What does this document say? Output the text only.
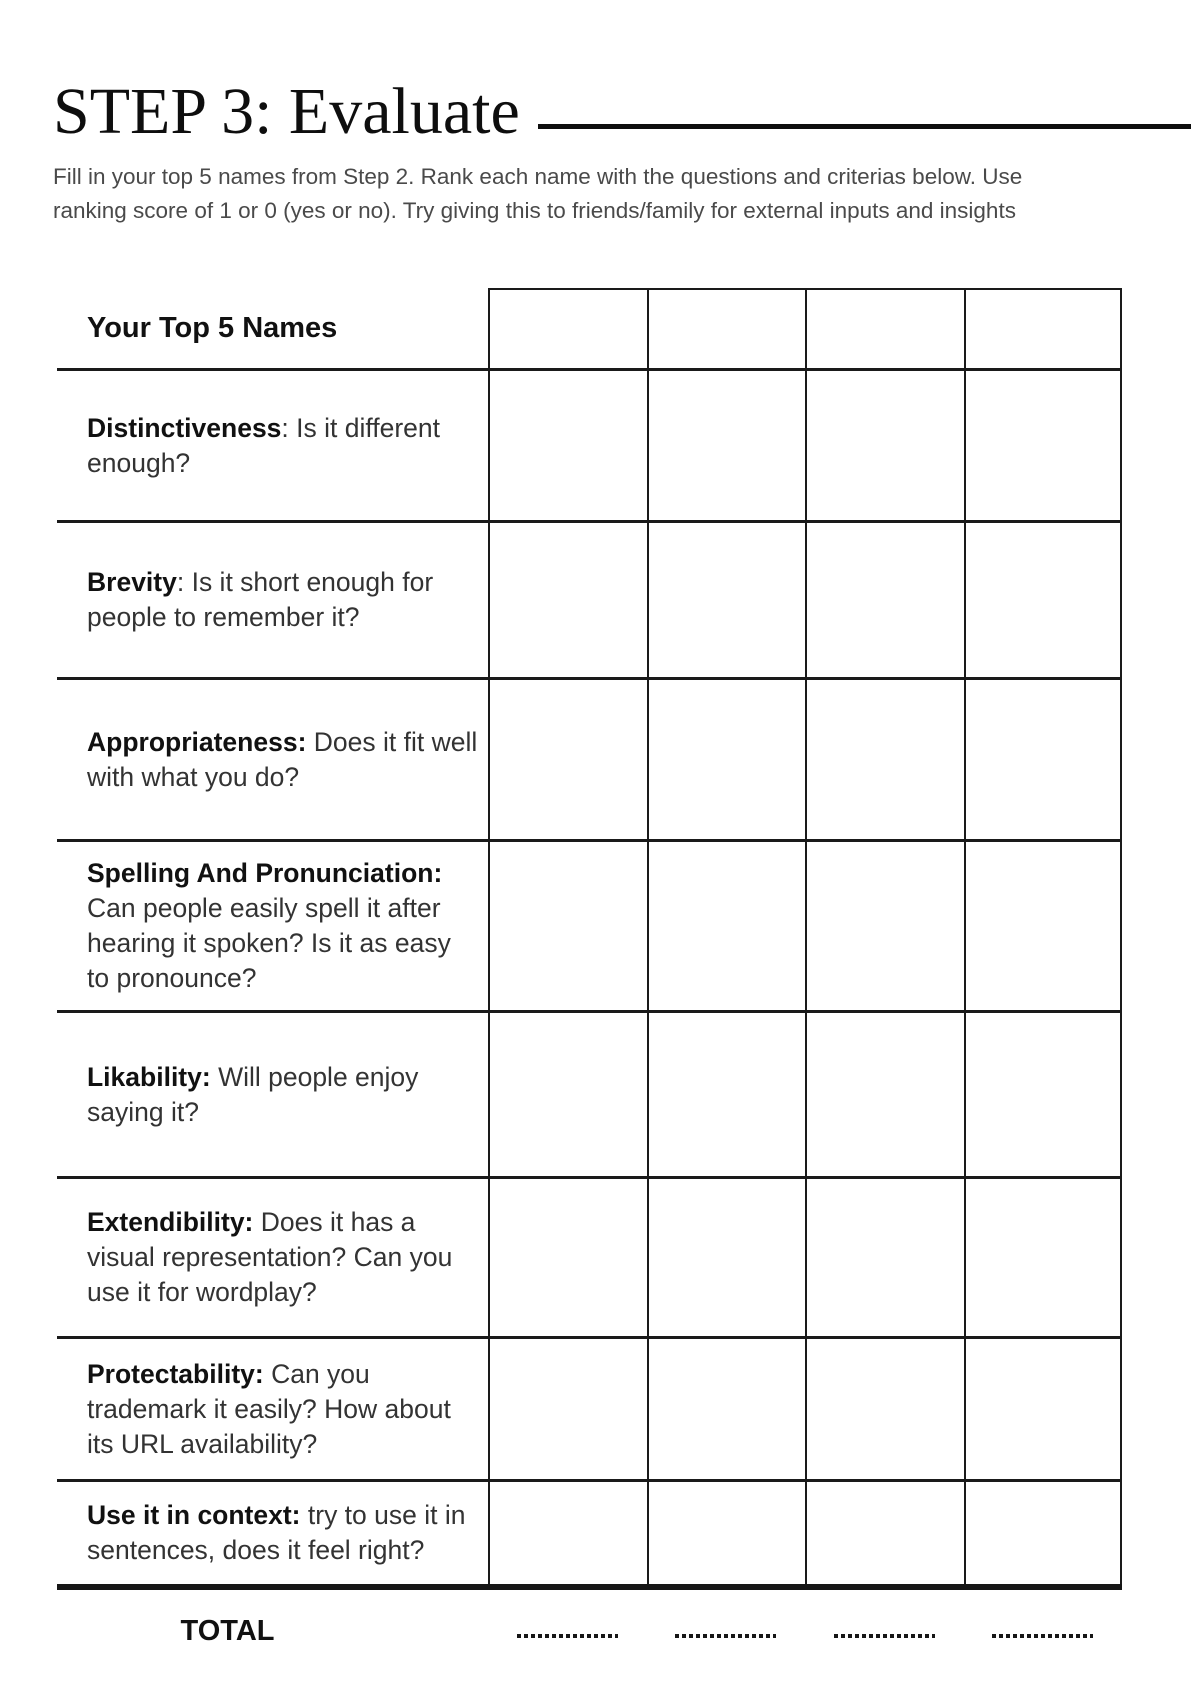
STEP 3: Evaluate

Fill in your top 5 names from Step 2. Rank each name with the questions and criterias below. Use ranking score of 1 or 0 (yes or no). Try giving this to friends/family for external inputs and insights

Your Top 5 Names
Distinctiveness: Is it different enough?
Brevity: Is it short enough for people to remember it?
Appropriateness: Does it fit well with what you do?
Spelling And Pronunciation: Can people easily spell it after hearing it spoken? Is it as easy to pronounce?
Likability: Will people enjoy saying it?
Extendibility: Does it has a visual representation? Can you use it for wordplay?
Protectability: Can you trademark it easily? How about its URL availability?
Use it in context: try to use it in sentences, does it feel right?
TOTAL
